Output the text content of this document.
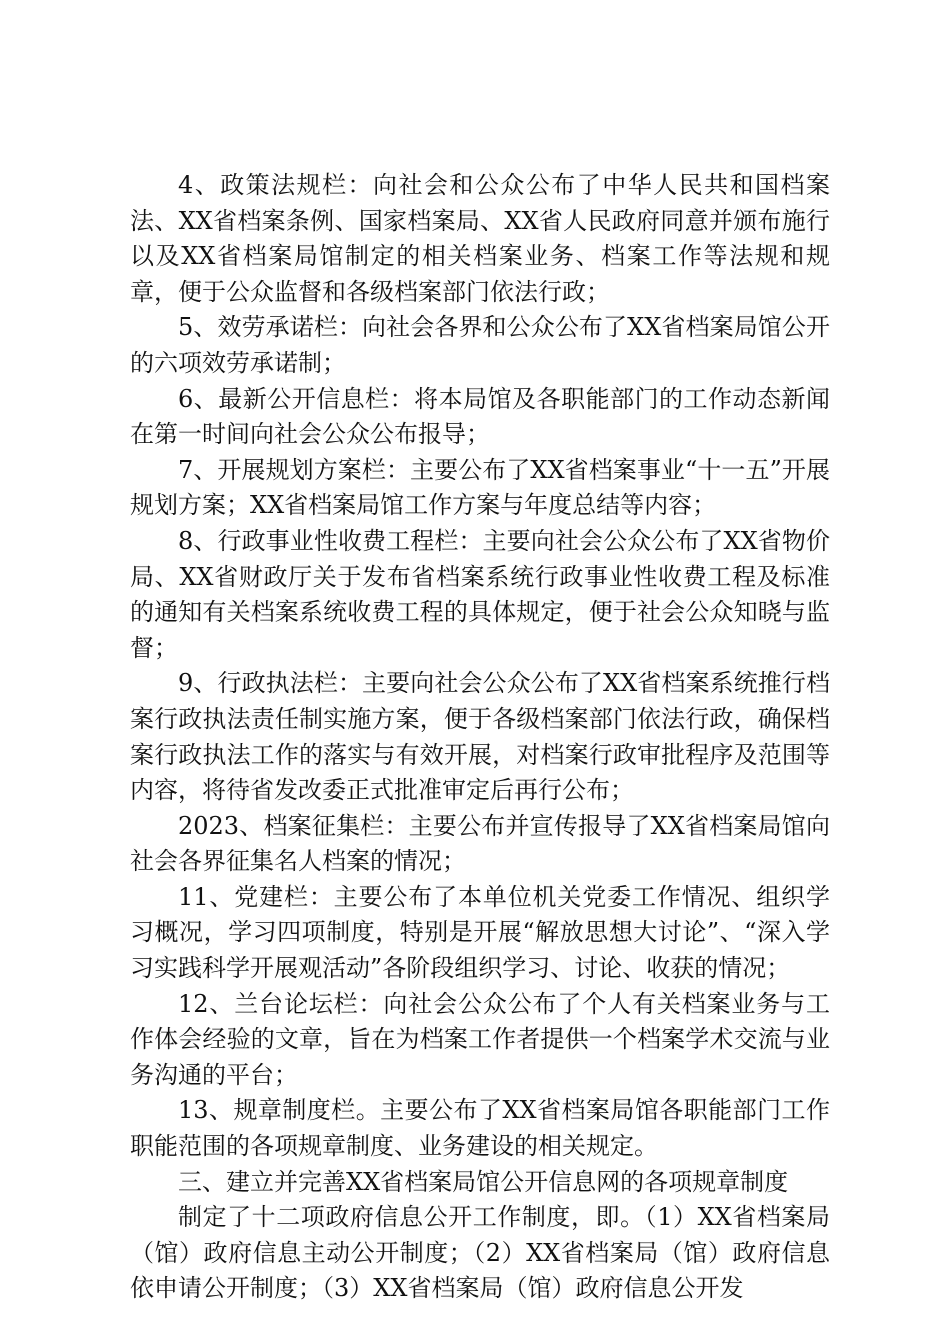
4、政策法规栏：向社会和公众公布了中华人民共和国档案法、XX省档案条例、国家档案局、XX省人民政府同意并颁布施行以及XX省档案局馆制定的相关档案业务、档案工作等法规和规章，便于公众监督和各级档案部门依法行政；

5、效劳承诺栏：向社会各界和公众公布了XX省档案局馆公开的六项效劳承诺制；

6、最新公开信息栏：将本局馆及各职能部门的工作动态新闻在第一时间向社会公众公布报导；

7、开展规划方案栏：主要公布了XX省档案事业“十一五”开展规划方案；XX省档案局馆工作方案与年度总结等内容；

8、行政事业性收费工程栏：主要向社会公众公布了XX省物价局、XX省财政厅关于发布省档案系统行政事业性收费工程及标准的通知有关档案系统收费工程的具体规定，便于社会公众知晓与监督；

9、行政执法栏：主要向社会公众公布了XX省档案系统推行档案行政执法责任制实施方案，便于各级档案部门依法行政，确保档案行政执法工作的落实与有效开展，对档案行政审批程序及范围等内容，将待省发改委正式批准审定后再行公布；

2023、档案征集栏：主要公布并宣传报导了XX省档案局馆向社会各界征集名人档案的情况；

11、党建栏：主要公布了本单位机关党委工作情况、组织学习概况，学习四项制度，特别是开展“解放思想大讨论”、“深入学习实践科学开展观活动”各阶段组织学习、讨论、收获的情况；

12、兰台论坛栏：向社会公众公布了个人有关档案业务与工作体会经验的文章，旨在为档案工作者提供一个档案学术交流与业务沟通的平台；

13、规章制度栏。主要公布了XX省档案局馆各职能部门工作职能范围的各项规章制度、业务建设的相关规定。

三、建立并完善XX省档案局馆公开信息网的各项规章制度

制定了十二项政府信息公开工作制度，即。（1）XX省档案局（馆）政府信息主动公开制度；（2）XX省档案局（馆）政府信息依申请公开制度；（3）XX省档案局（馆）政府信息公开发
